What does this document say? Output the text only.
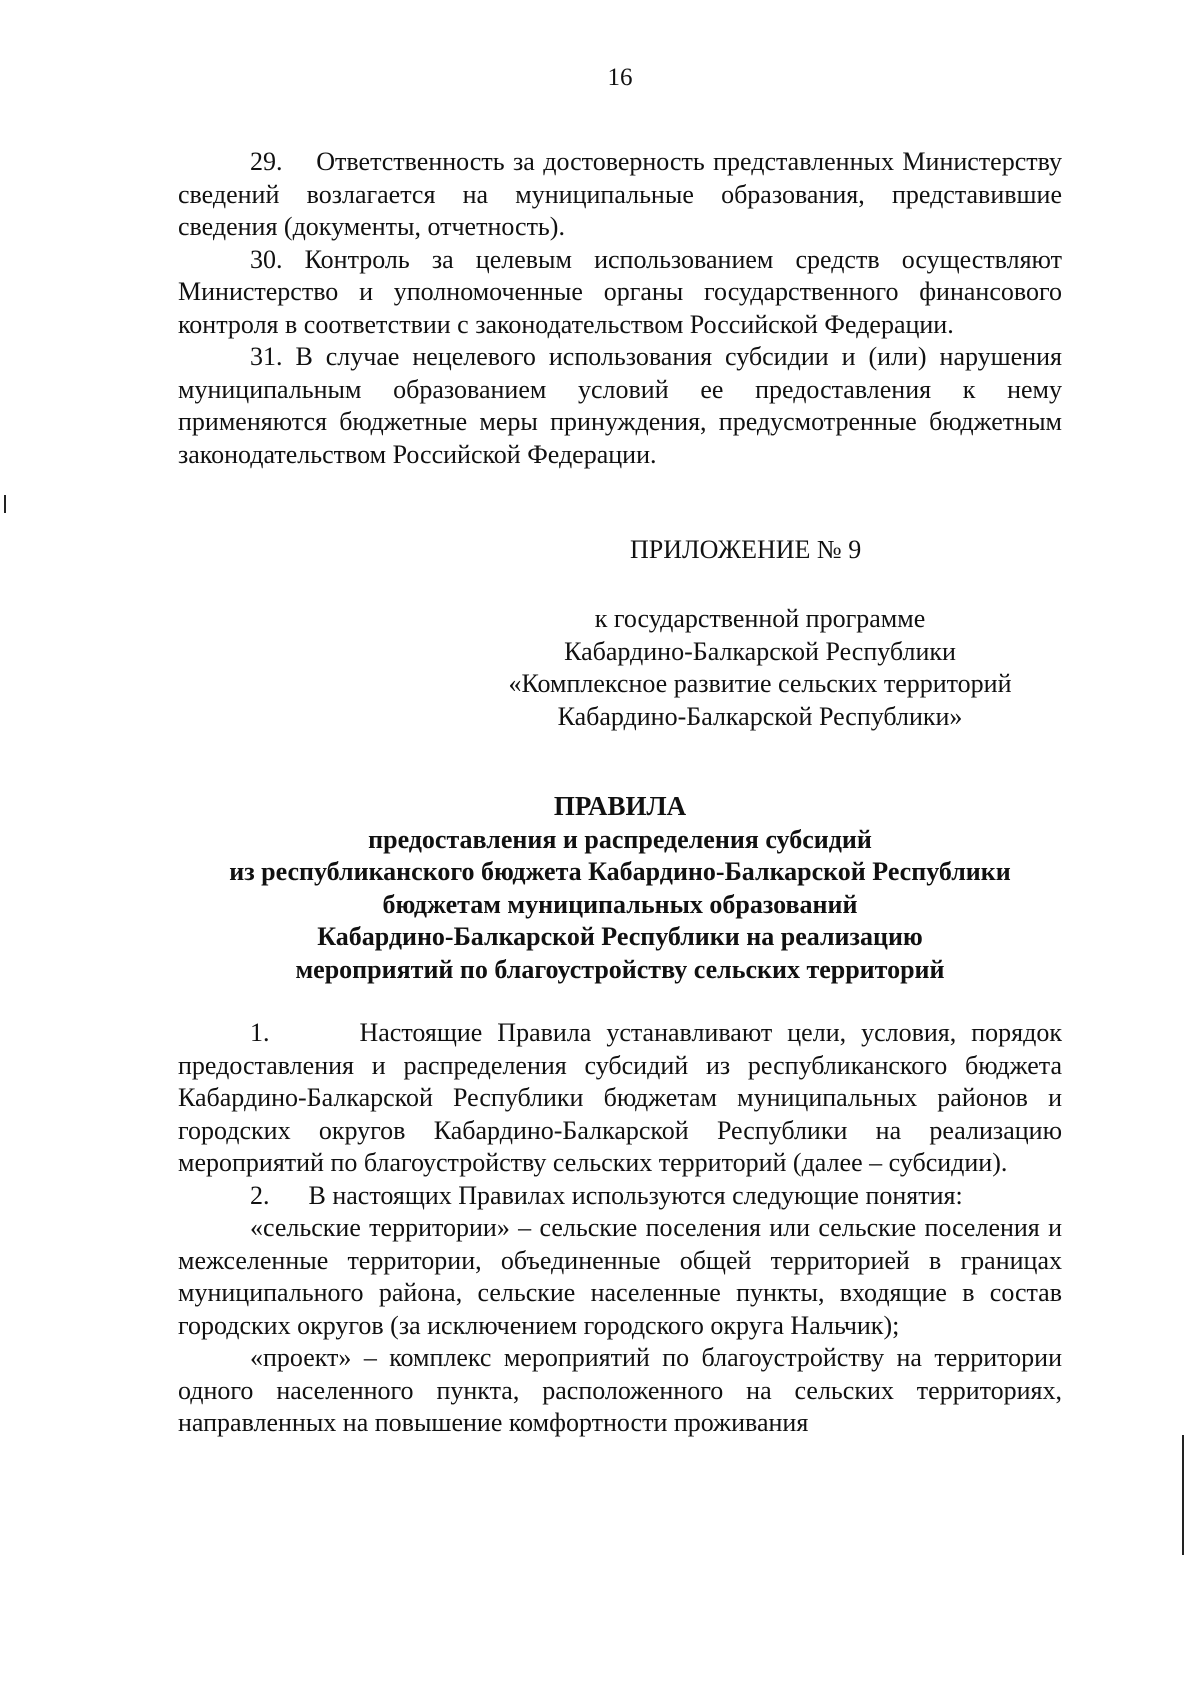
16

29.    Ответственность за достоверность представленных Министерству сведений возлагается на муниципальные образования, представившие сведения (документы, отчетность).

30. Контроль за целевым использованием средств осуществляют Министерство и уполномоченные органы государственного финансового контроля в соответствии с законодательством Российской Федерации.

31. В случае нецелевого использования субсидии и (или) нарушения муниципальным образованием условий ее предоставления к нему применяются бюджетные меры принуждения, предусмотренные бюджетным законодательством Российской Федерации.

ПРИЛОЖЕНИЕ № 9
к государственной программе
Кабардино-Балкарской Республики
«Комплексное развитие сельских территорий
Кабардино-Балкарской Республики»
ПРАВИЛА
предоставления и распределения субсидий
из республиканского бюджета Кабардино-Балкарской Республики
бюджетам муниципальных образований
Кабардино-Балкарской Республики на реализацию
мероприятий по благоустройству сельских территорий

1.      Настоящие Правила устанавливают цели, условия, порядок предоставления и распределения субсидий из республиканского бюджета Кабардино-Балкарской Республики бюджетам муниципальных районов и городских округов Кабардино-Балкарской Республики на реализацию мероприятий по благоустройству сельских территорий (далее – субсидии).

2.      В настоящих Правилах используются следующие понятия:

«сельские территории» – сельские поселения или сельские поселения и межселенные территории, объединенные общей территорией в границах муниципального района, сельские населенные пункты, входящие в состав городских округов (за исключением городского округа Нальчик);

«проект» – комплекс мероприятий по благоустройству на территории одного населенного пункта, расположенного на сельских территориях, направленных на повышение комфортности проживания
